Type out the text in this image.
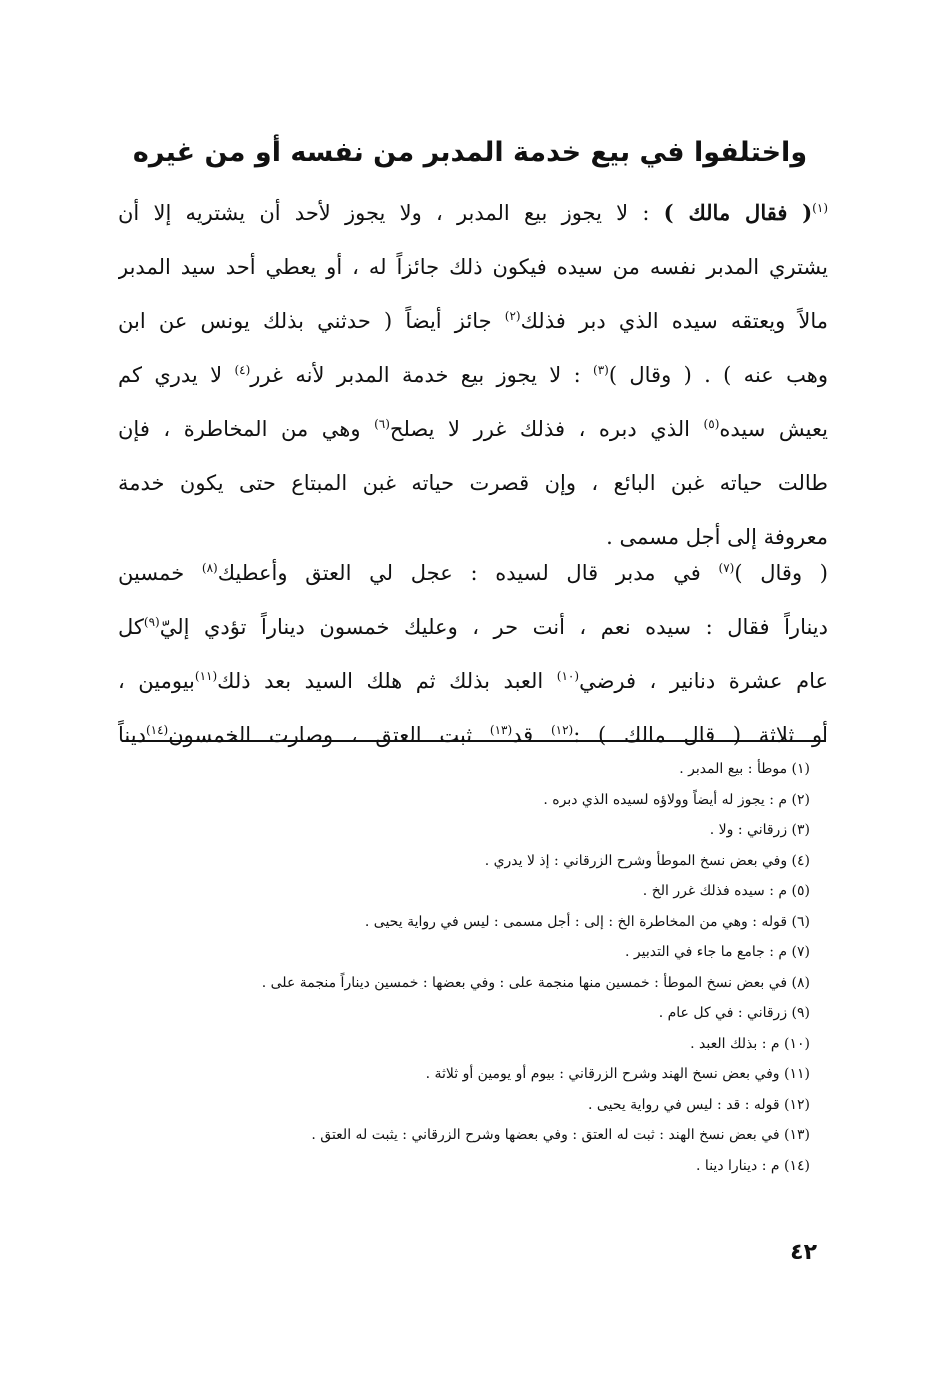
واختلفوا في بيع خدمة المدبر من نفسه أو من غيره
$^{(١)}$( فقال مالك ) : لا يجوز بيع المدبر ، ولا يجوز لأحد أن يشتريه إلا أن
يشتري المدبر نفسه من سيده فيكون ذلك جائزاً له ، أو يعطي أحد سيد المدبر
مالاً ويعتقه سيده الذي دبر فذلك$^{(٢)}$ جائز أيضاً ( حدثني بذلك يونس عن ابن
وهب عنه ) . ( وقال )$^{(٣)}$ : لا يجوز بيع خدمة المدبر لأنه غرر$^{(٤)}$ لا يدري كم
يعيش سيده$^{(٥)}$ الذي دبره ، فذلك غرر لا يصلح$^{(٦)}$ وهي من المخاطرة ، فإن
طالت حياته غبن البائع ، وإن قصرت حياته غبن المبتاع حتى يكون خدمة
معروفة إلى أجل مسمى .
( وقال )$^{(٧)}$ في مدبر قال لسيده : عجل لي العتق وأعطيك$^{(٨)}$ خمسين
ديناراً فقال : سيده نعم ، أنت حر ، وعليك خمسون ديناراً تؤدي إليّ$^{(٩)}$كل
عام عشرة دنانير ، فرضي$^{(١٠)}$ العبد بذلك ثم هلك السيد بعد ذلك$^{(١١)}$بيومين ،
أو ثلاثة ( قال مالك ) :$^{(١٢)}$ قد$^{(١٣)}$ ثبت العتق ، وصارت الخمسون$^{(١٤)}$ديناً
(١) موطأ : بيع المدبر .
(٢) م : يجوز له أيضاً وولاؤه لسيده الذي دبره .
(٣) زرقاني : ولا .
(٤) وفي بعض نسخ الموطأ وشرح الزرقاني : إذ لا يدري .
(٥) م : سيده فذلك غرر الخ .
(٦) قوله : وهي من المخاطرة الخ : إلى : أجل مسمى : ليس في رواية يحيى .
(٧) م : جامع ما جاء في التدبير .
(٨) في بعض نسخ الموطأ : خمسين منها منجمة على : وفي بعضها : خمسين ديناراً منجمة على .
(٩) زرقاني : في كل عام .
(١٠) م : بذلك العبد .
(١١) وفي بعض نسخ الهند وشرح الزرقاني : بيوم أو يومين أو ثلاثة .
(١٢) قوله : قد : ليس في رواية يحيى .
(١٣) في بعض نسخ الهند : ثبت له العتق : وفي بعضها وشرح الزرقاني : يثبت له العتق .
(١٤) م : دينارا دينا .
٤٢
